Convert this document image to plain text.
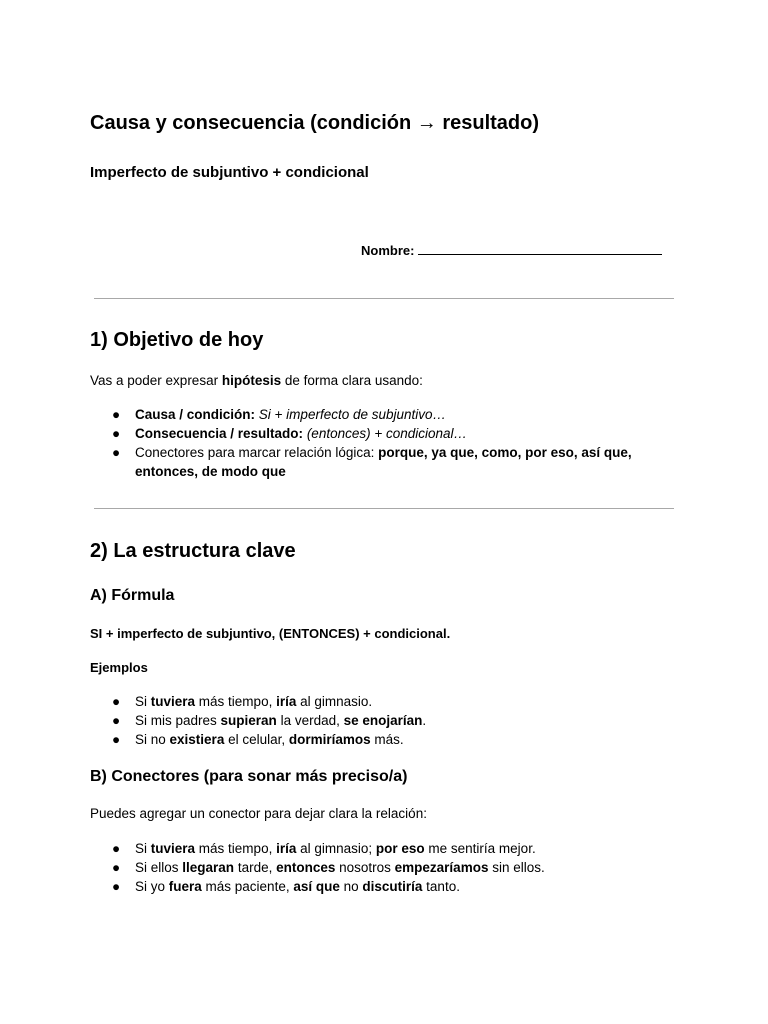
Causa y consecuencia (condición → resultado)
Imperfecto de subjuntivo + condicional
Nombre:
1) Objetivo de hoy
Vas a poder expresar hipótesis de forma clara usando:
● Causa / condición: Si + imperfecto de subjuntivo…
● Consecuencia / resultado: (entonces) + condicional…
● Conectores para marcar relación lógica: porque, ya que, como, por eso, así que,
entonces, de modo que
2) La estructura clave
A) Fórmula
SI + imperfecto de subjuntivo, (ENTONCES) + condicional.
Ejemplos
● Si tuviera más tiempo, iría al gimnasio.
● Si mis padres supieran la verdad, se enojarían.
● Si no existiera el celular, dormiríamos más.
B) Conectores (para sonar más preciso/a)
Puedes agregar un conector para dejar clara la relación:
● Si tuviera más tiempo, iría al gimnasio; por eso me sentiría mejor.
● Si ellos llegaran tarde, entonces nosotros empezaríamos sin ellos.
● Si yo fuera más paciente, así que no discutiría tanto.
